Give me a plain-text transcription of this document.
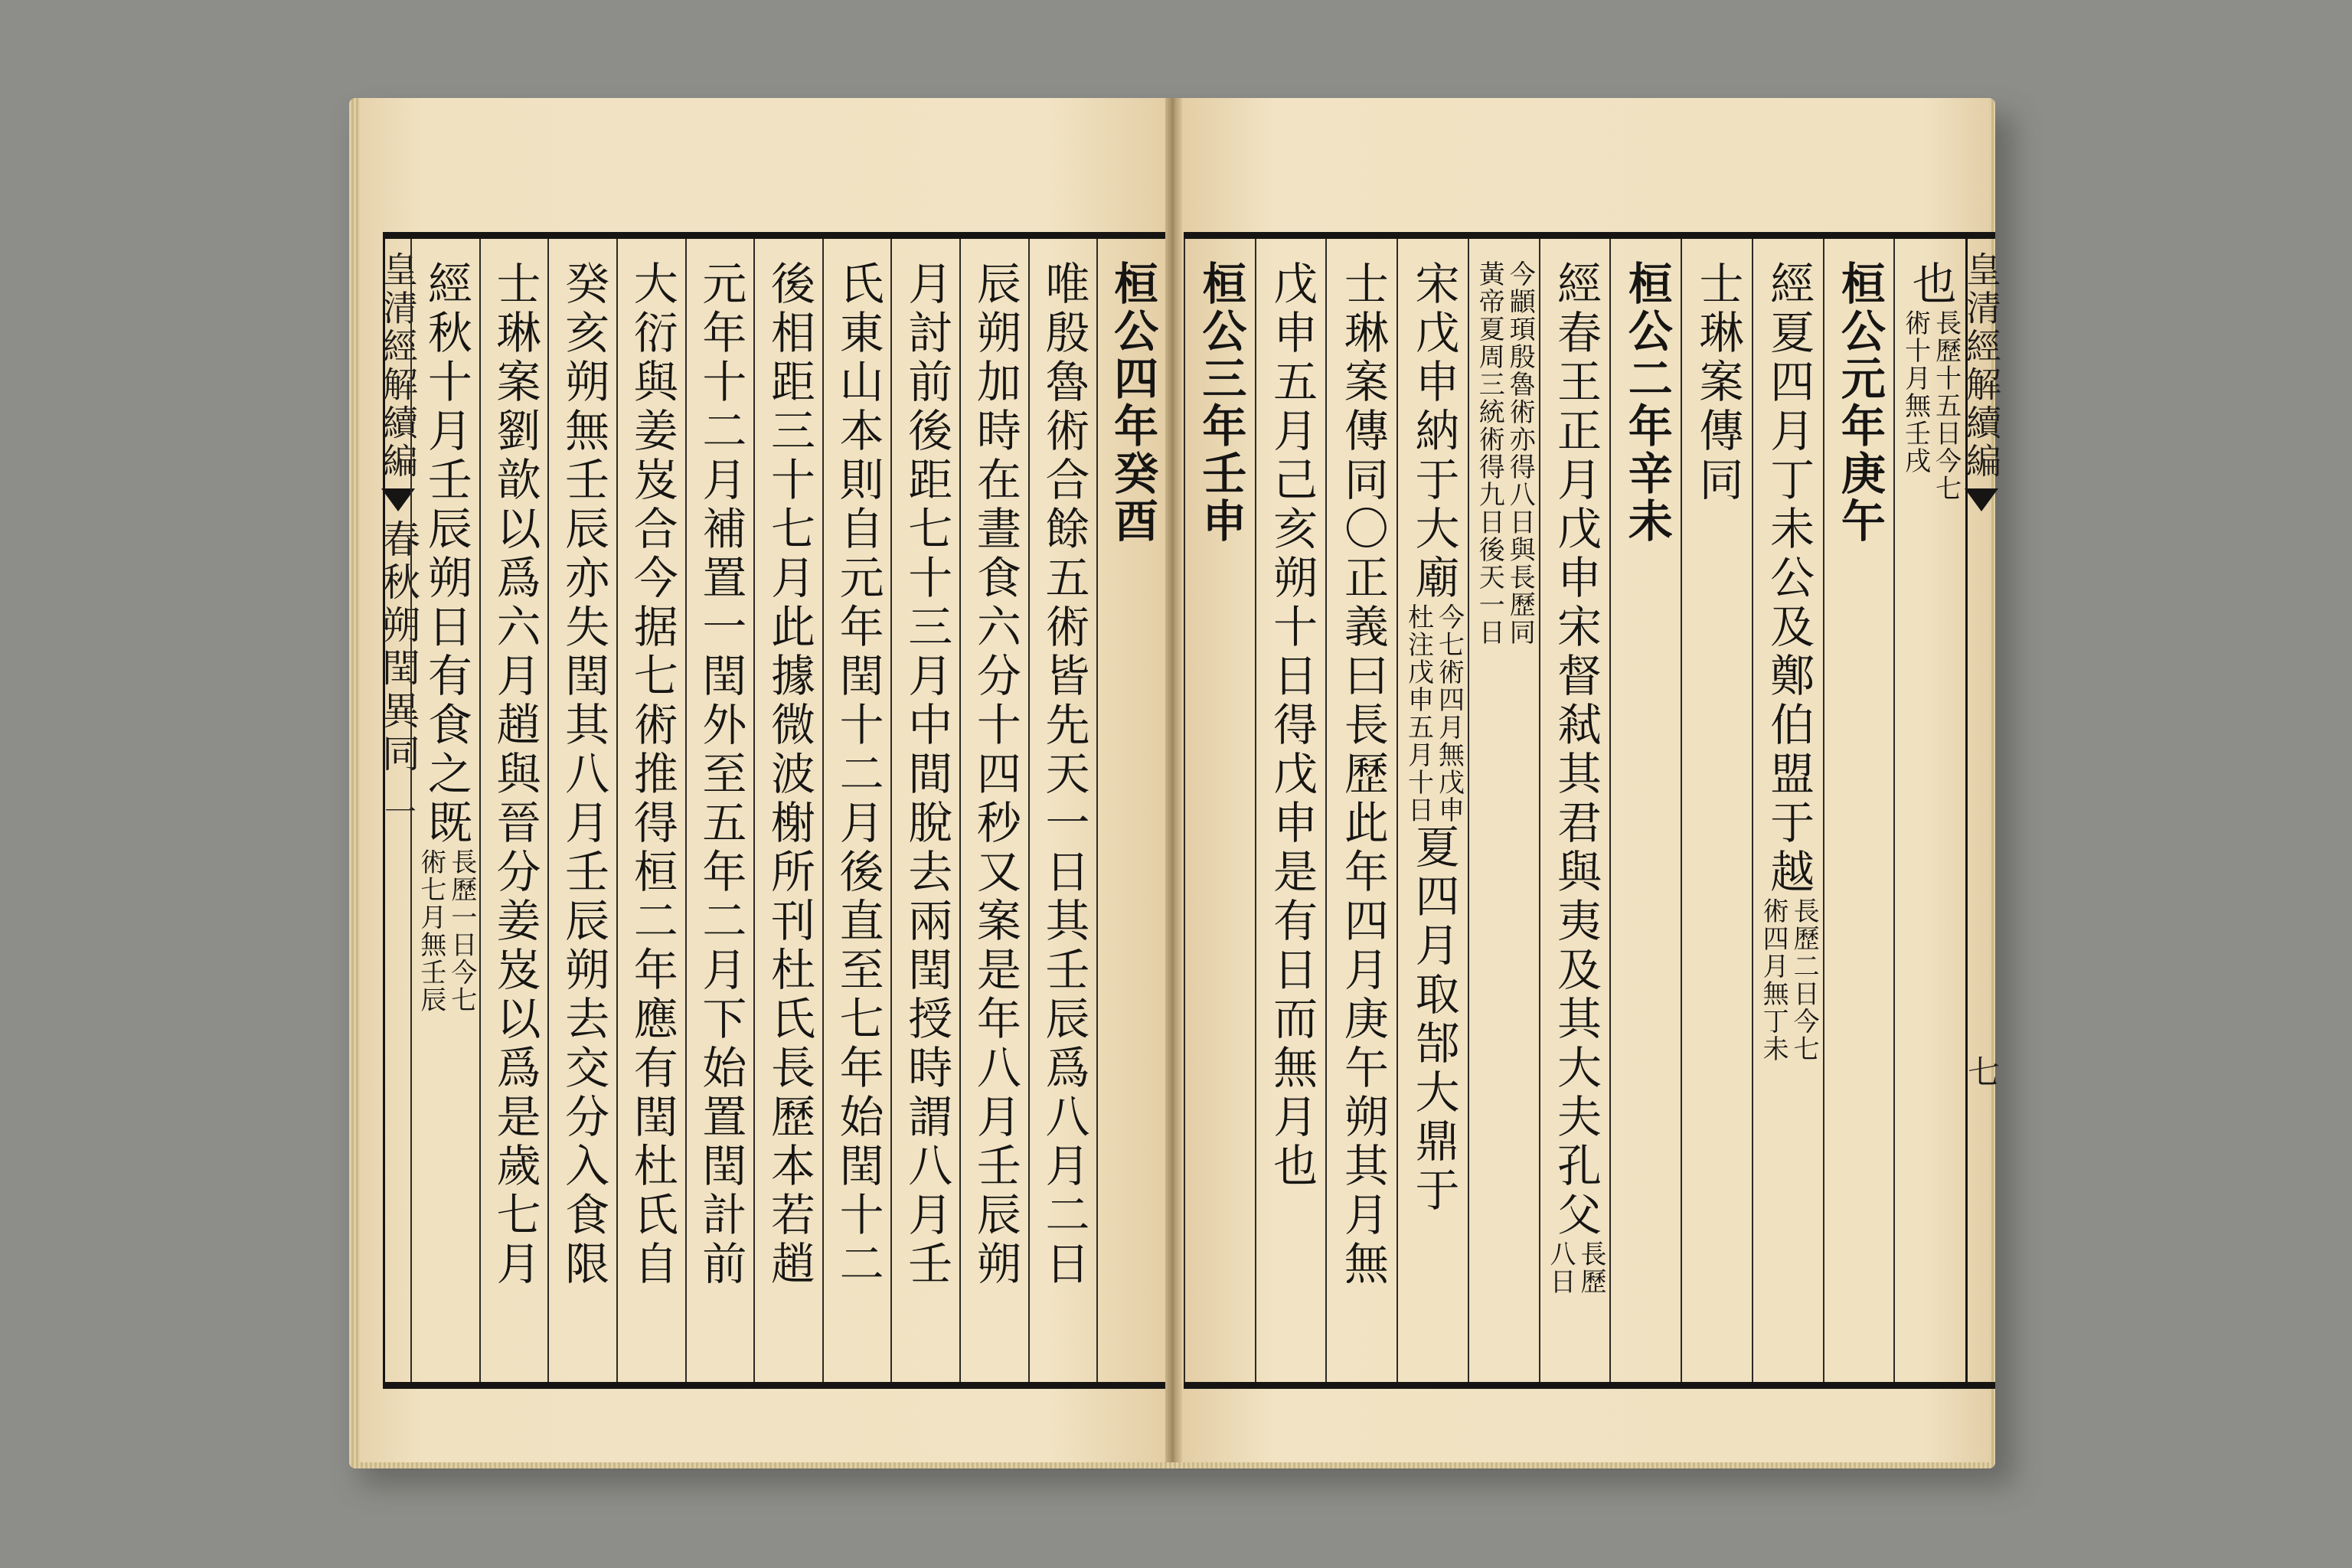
皇清經解續編
春秋朔閏異同
一
桓公四年癸酉
唯殷魯術合餘五術皆先天一日其壬辰爲八月二日
辰朔加時在晝食六分十四秒又案是年八月壬辰朔
月討前後距七十三月中間脫去兩閏授時謂八月壬
氏東山本則自元年閏十二月後直至七年始閏十二
後相距三十七月此據微波榭所刊杜氏長歷本若趙
元年十二月補置一閏外至五年二月下始置閏計前
大衍與姜岌合今据七術推得桓二年應有閏杜氏自
癸亥朔無壬辰亦失閏其八月壬辰朔去交分入食限
士琳案劉歆以爲六月趙與晉分姜岌以爲是歲七月
經秋十月壬辰朔日有食之既
長歷一日今七
術七月無壬辰
皇清經解續編
七
也
長歷十五日今七
術十月無壬戌
桓公元年庚午
經夏四月丁未公及鄭伯盟于越
長歷二日今七
術四月無丁未
士琳案傳同
桓公二年辛未
經春王正月戊申宋督弒其君與夷及其大夫孔父
長歷
八日
今顓頊殷魯術亦得八日與長歷同
黃帝夏周三統術得九日後天一日
宋戊申納于大廟
今七術四月無戊申
杜注戊申五月十日
夏四月取郜大鼎于
士琳案傳同〇正義曰長歷此年四月庚午朔其月無
戊申五月己亥朔十日得戊申是有日而無月也
桓公三年壬申
